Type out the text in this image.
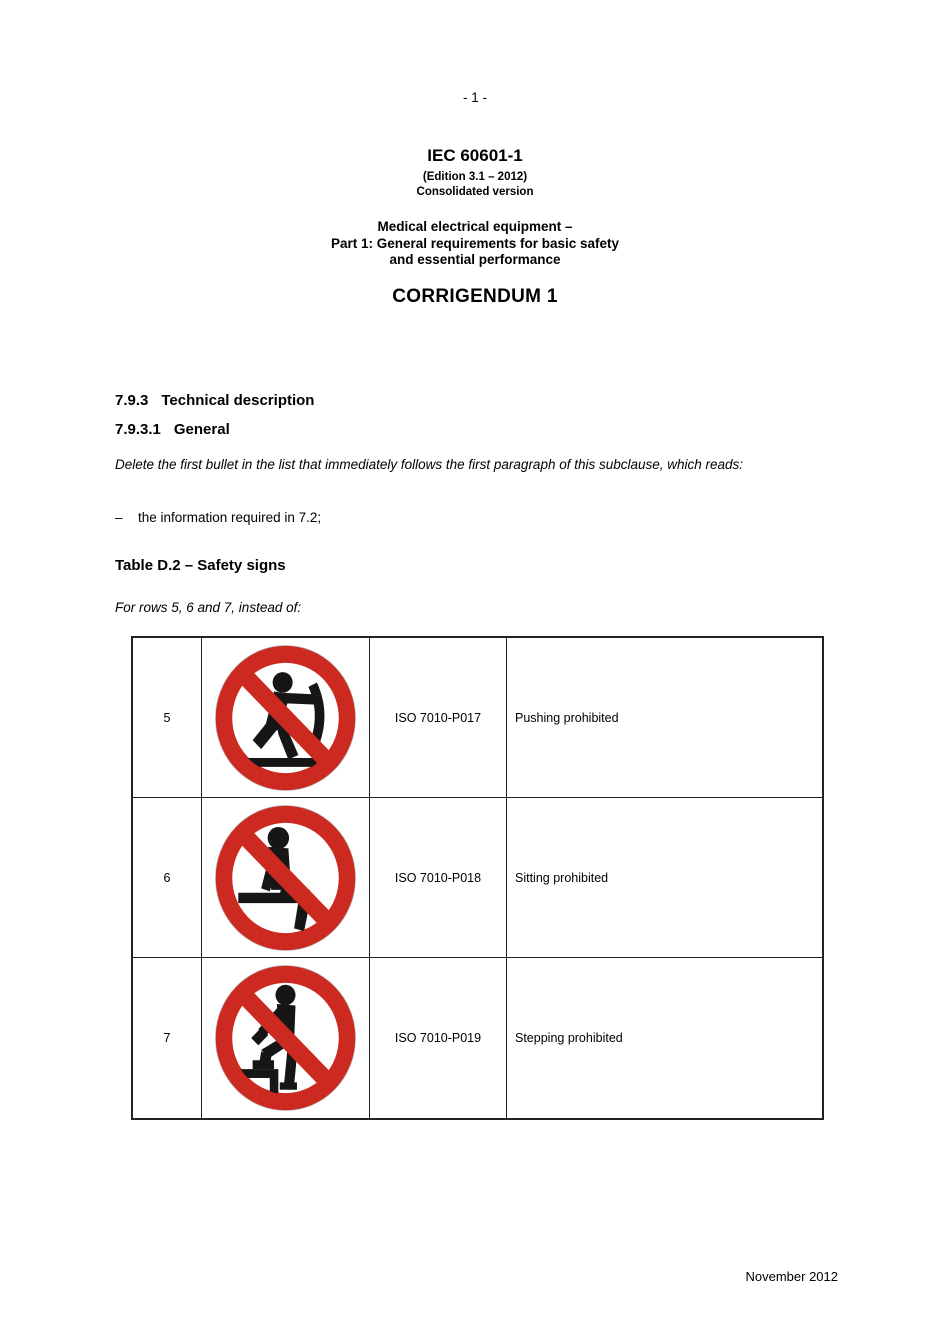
- 1 -
IEC 60601-1
(Edition 3.1 – 2012)
Consolidated version
Medical electrical equipment –
Part 1: General requirements for basic safety
and essential performance
CORRIGENDUM 1
7.9.3 Technical description
7.9.3.1 General
Delete the first bullet in the list that immediately follows the first paragraph of this subclause, which reads:
– the information required in 7.2;
Table D.2 – Safety signs
For rows 5, 6 and 7, instead of:
5	ISO 7010-P017	Pushing prohibited
6	ISO 7010-P018	Sitting prohibited
7	ISO 7010-P019	Stepping prohibited
November 2012
